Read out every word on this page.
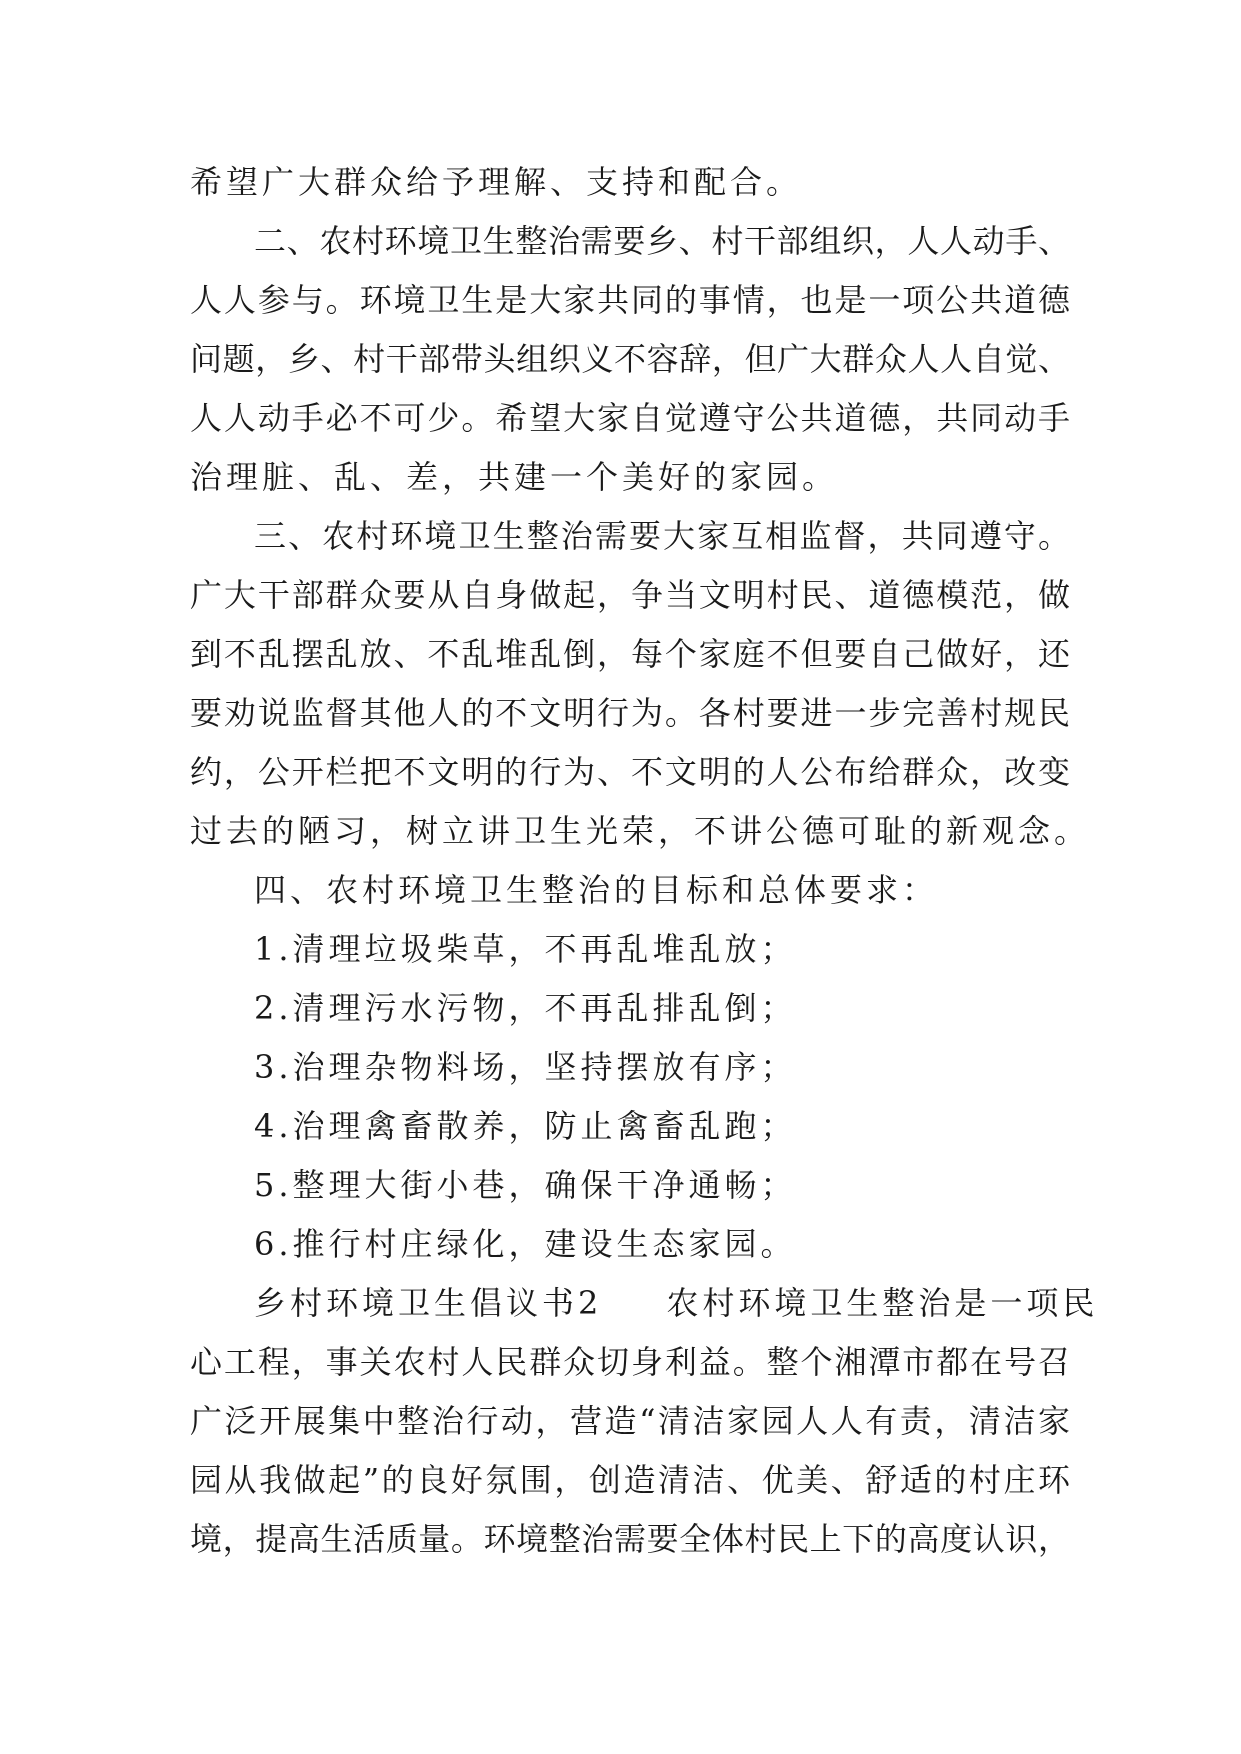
希望广大群众给予理解、支持和配合。
二、农村环境卫生整治需要乡、村干部组织，人人动手、
人人参与。环境卫生是大家共同的事情，也是一项公共道德
问题，乡、村干部带头组织义不容辞，但广大群众人人自觉、
人人动手必不可少。希望大家自觉遵守公共道德，共同动手
治理脏、乱、差，共建一个美好的家园。
三、农村环境卫生整治需要大家互相监督，共同遵守。
广大干部群众要从自身做起，争当文明村民、道德模范，做
到不乱摆乱放、不乱堆乱倒，每个家庭不但要自己做好，还
要劝说监督其他人的不文明行为。各村要进一步完善村规民
约，公开栏把不文明的行为、不文明的人公布给群众，改变
过去的陋习，树立讲卫生光荣，不讲公德可耻的新观念。
四、农村环境卫生整治的目标和总体要求：
1.清理垃圾柴草，不再乱堆乱放；
2.清理污水污物，不再乱排乱倒；
3.治理杂物料场，坚持摆放有序；
4.治理禽畜散养，防止禽畜乱跑；
5.整理大街小巷，确保干净通畅；
6.推行村庄绿化，建设生态家园。
乡村环境卫生倡议书2 农村环境卫生整治是一项民
心工程，事关农村人民群众切身利益。整个湘潭市都在号召
广泛开展集中整治行动，营造“清洁家园人人有责，清洁家
园从我做起”的良好氛围，创造清洁、优美、舒适的村庄环
境，提高生活质量。环境整治需要全体村民上下的高度认识，
